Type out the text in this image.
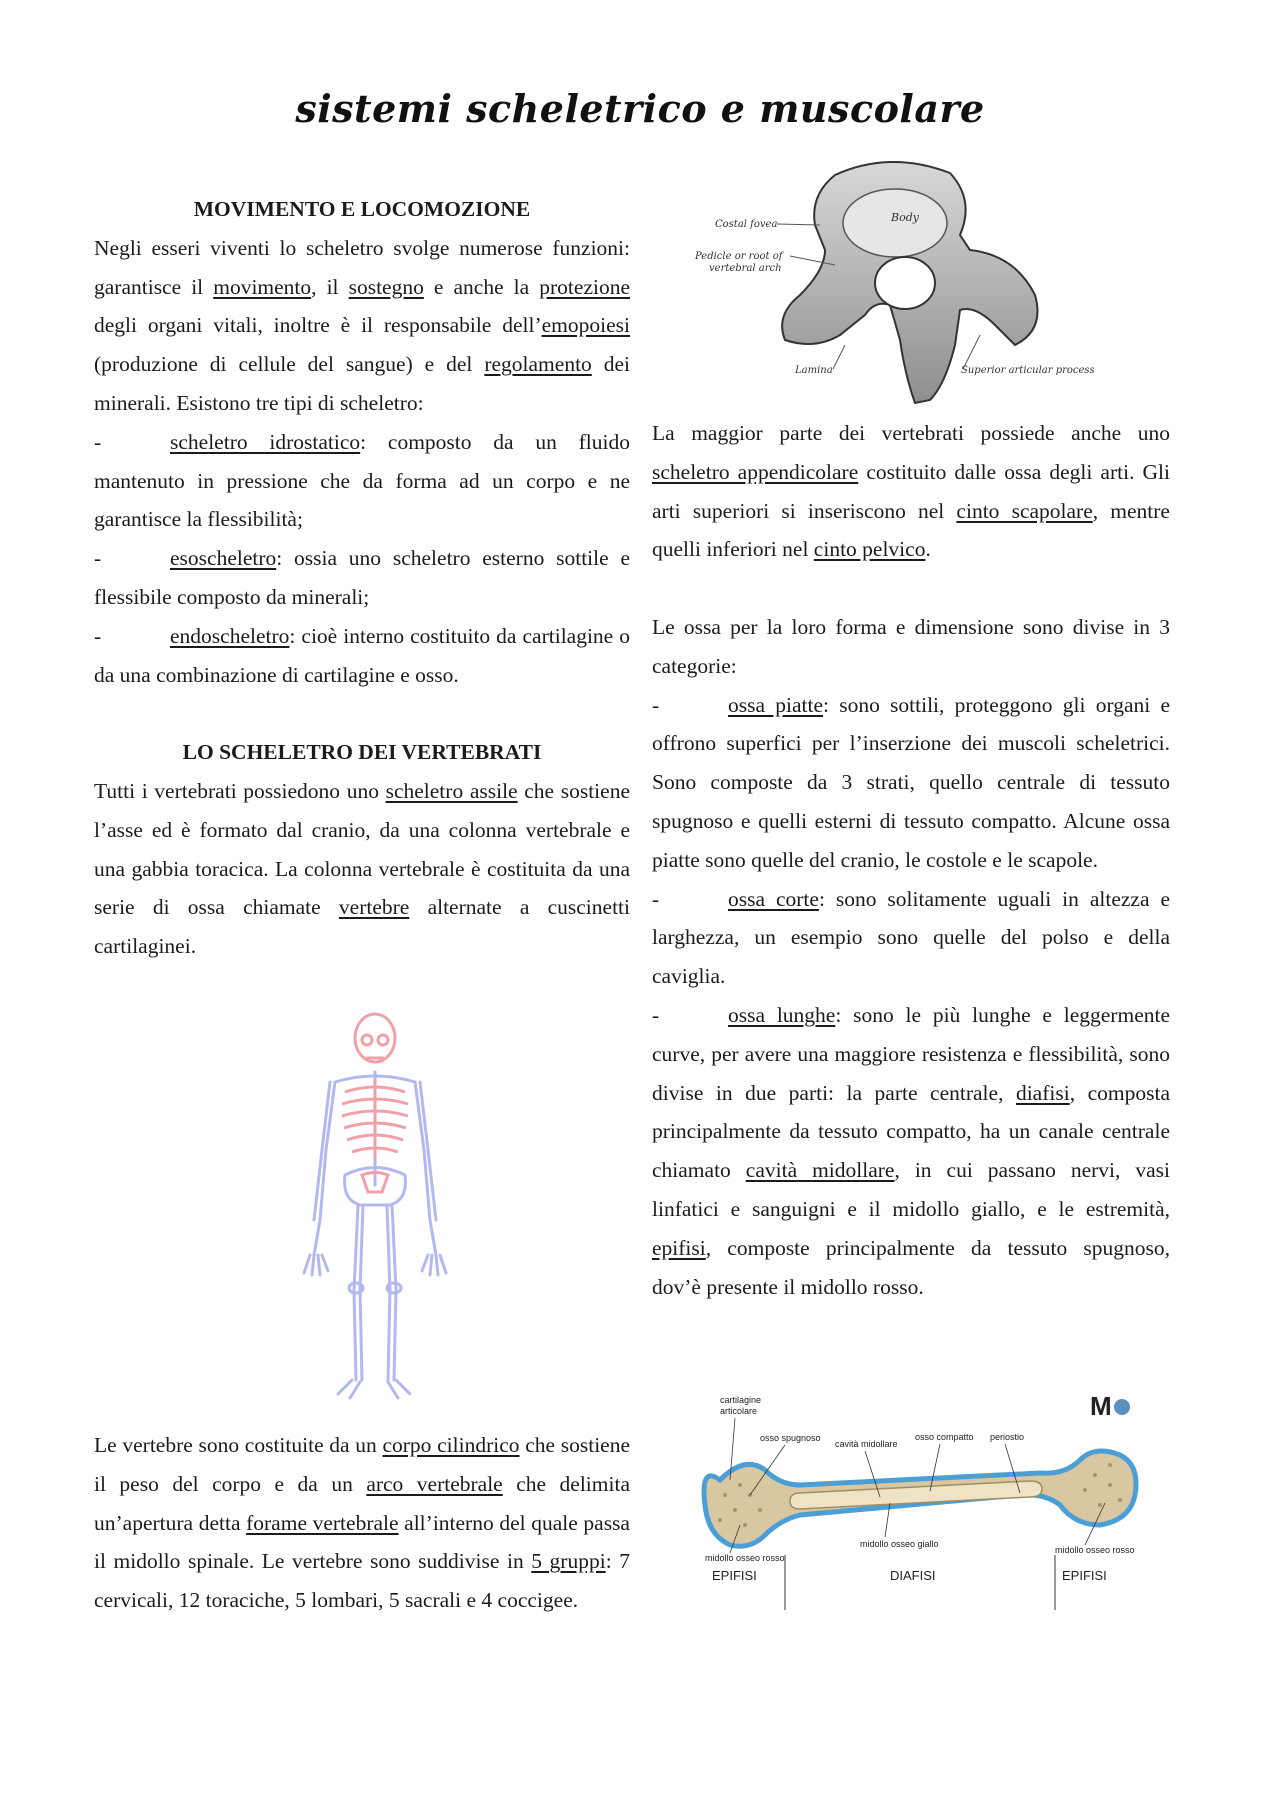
sistemi scheletrico e muscolare

MOVIMENTO E LOCOMOZIONE

Negli esseri viventi lo scheletro svolge numerose funzioni: garantisce il movimento, il sostegno e anche la protezione degli organi vitali, inoltre è il responsabile dell’emopoiesi (produzione di cellule del sangue) e del regolamento dei minerali. Esistono tre tipi di scheletro:

-	scheletro idrostatico: composto da un fluido mantenuto in pressione che da forma ad un corpo e ne garantisce la flessibilità;

-	esoscheletro: ossia uno scheletro esterno sottile e flessibile composto da minerali;

-	endoscheletro: cioè interno costituito da cartilagine o da una combinazione di cartilagine e osso.

LO SCHELETRO DEI VERTEBRATI

Tutti i vertebrati possiedono uno scheletro assile che sostiene l’asse ed è formato dal cranio, da una colonna vertebrale e una gabbia toracica. La colonna vertebrale è costituita da una serie di ossa chiamate vertebre alternate a cuscinetti cartilaginei.

Le vertebre sono costituite da un corpo cilindrico che sostiene il peso del corpo e da un arco vertebrale che delimita un’apertura detta forame vertebrale all’interno del quale passa il midollo spinale. Le vertebre sono suddivise in 5 gruppi: 7 cervicali, 12 toraciche, 5 lombari, 5 sacrali e 4 coccigee.

Body
Costal fovea
Pedicle or root of
vertebral arch
Lamina	Superior articular process

La maggior parte dei vertebrati possiede anche uno scheletro appendicolare costituito dalle ossa degli arti. Gli arti superiori si inseriscono nel cinto scapolare, mentre quelli inferiori nel cinto pelvico.

Le ossa per la loro forma e dimensione sono divise in 3 categorie:

-	ossa piatte: sono sottili, proteggono gli organi e offrono superfici per l’inserzione dei muscoli scheletrici. Sono composte da 3 strati, quello centrale di tessuto spugnoso e quelli esterni di tessuto compatto. Alcune ossa piatte sono quelle del cranio, le costole e le scapole.

-	ossa corte: sono solitamente uguali in altezza e larghezza, un esempio sono quelle del polso e della caviglia.

-	ossa lunghe: sono le più lunghe e leggermente curve, per avere una maggiore resistenza e flessibilità, sono divise in due parti: la parte centrale, diafisi, composta principalmente da tessuto compatto, ha un canale centrale chiamato cavità midollare, in cui passano nervi, vasi linfatici e sanguigni e il midollo giallo, e le estremità, epifisi, composte principalmente da tessuto spugnoso, dov’è presente il midollo rosso.

M
cartilagine
articolare
osso spugnoso
cavità midollare
osso compatto periostio
midollo osseo giallo
midollo osseo rosso
midollo osseo rosso
EPIFISI	DIAFISI	EPIFISI
